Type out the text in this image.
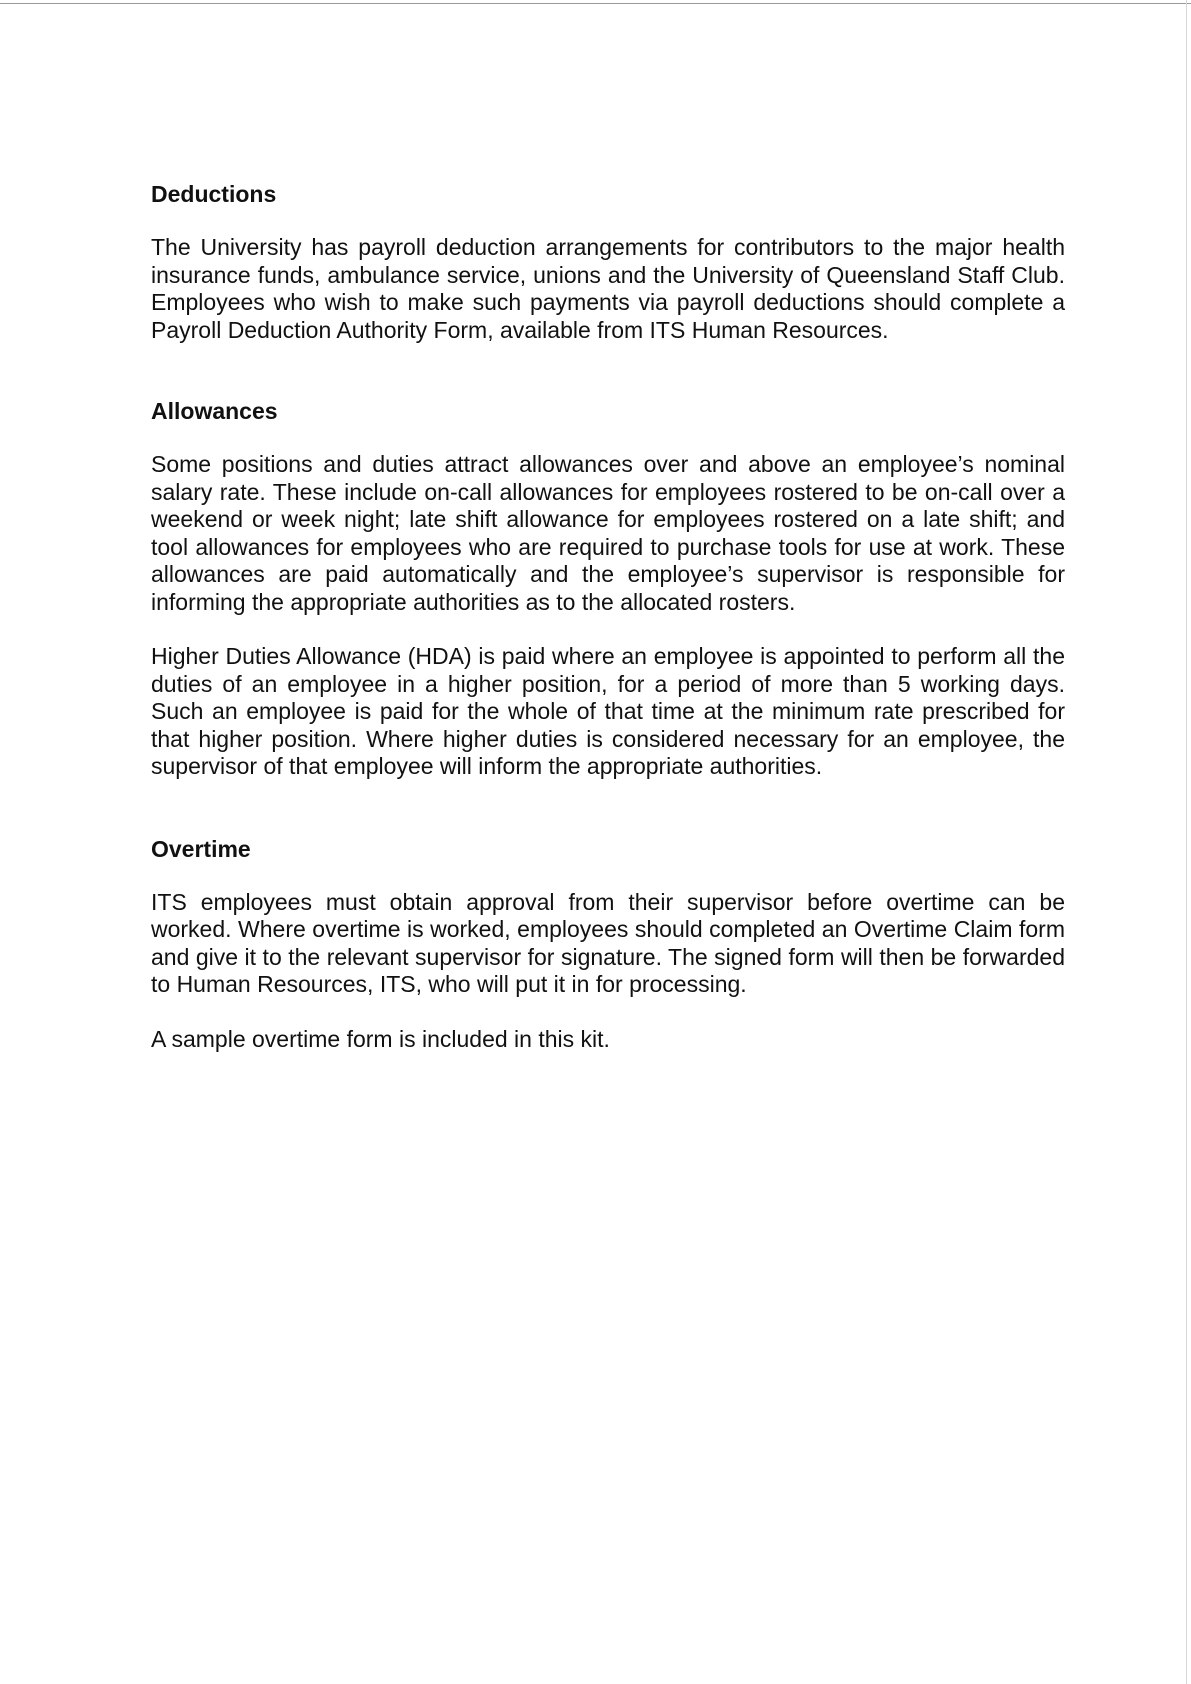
Deductions

The University has payroll deduction arrangements for contributors to the major health insurance funds, ambulance service, unions and the University of Queensland Staff Club. Employees who wish to make such payments via payroll deductions should complete a Payroll Deduction Authority Form, available from ITS Human Resources.

Allowances

Some positions and duties attract allowances over and above an employee’s nominal salary rate. These include on-call allowances for employees rostered to be on-call over a weekend or week night; late shift allowance for employees rostered on a late shift; and tool allowances for employees who are required to purchase tools for use at work. These allowances are paid automatically and the employee’s supervisor is responsible for informing the appropriate authorities as to the allocated rosters.

Higher Duties Allowance (HDA) is paid where an employee is appointed to perform all the duties of an employee in a higher position, for a period of more than 5 working days. Such an employee is paid for the whole of that time at the minimum rate prescribed for that higher position. Where higher duties is considered necessary for an employee, the supervisor of that employee will inform the appropriate authorities.

Overtime

ITS employees must obtain approval from their supervisor before overtime can be worked. Where overtime is worked, employees should completed an Overtime Claim form and give it to the relevant supervisor for signature. The signed form will then be forwarded to Human Resources, ITS, who will put it in for processing.

A sample overtime form is included in this kit.
